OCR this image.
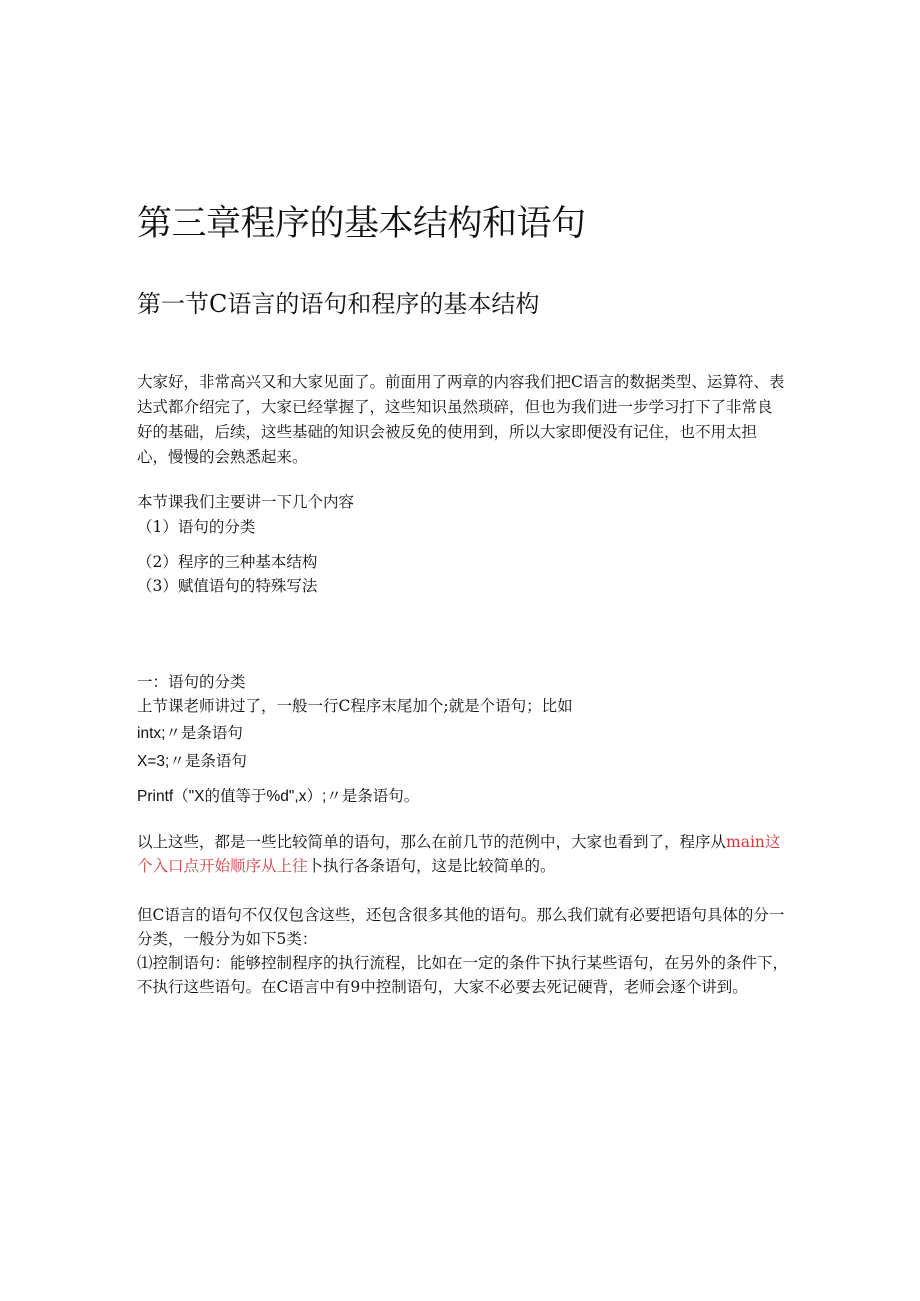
第三章程序的基本结构和语句
第一节C语言的语句和程序的基本结构
大家好，非常高兴又和大家见面了。前面用了两章的内容我们把C语言的数据类型、运算符、表
达式都介绍完了，大家已经掌握了，这些知识虽然琐碎，但也为我们进一步学习打下了非常良
好的基础，后续，这些基础的知识会被反免的使用到，所以大家即便没有记住，也不用太担
心，慢慢的会熟悉起来。
本节课我们主要讲一下几个内容
（1）语句的分类
（2）程序的三种基本结构
（3）赋值语句的特殊写法
一：语句的分类
上节课老师讲过了，一般一行C程序末尾加个;就是个语句；比如
intx;〃是条语句
X=3;〃是条语句
Printf（"X的值等于%d",x）;〃是条语句。
以上这些，都是一些比较简单的语句，那么在前几节的范例中，大家也看到了，程序从main这
个入口点开始顺序从上往卜执行各条语句，这是比较简单的。
但C语言的语句不仅仅包含这些，还包含很多其他的语句。那么我们就有必要把语句具体的分一
分类，一般分为如下5类：
⑴控制语句：能够控制程序的执行流程，比如在一定的条件下执行某些语句，在另外的条件下，
不执行这些语句。在C语言中有9中控制语句，大家不必要去死记硬背，老师会逐个讲到。
